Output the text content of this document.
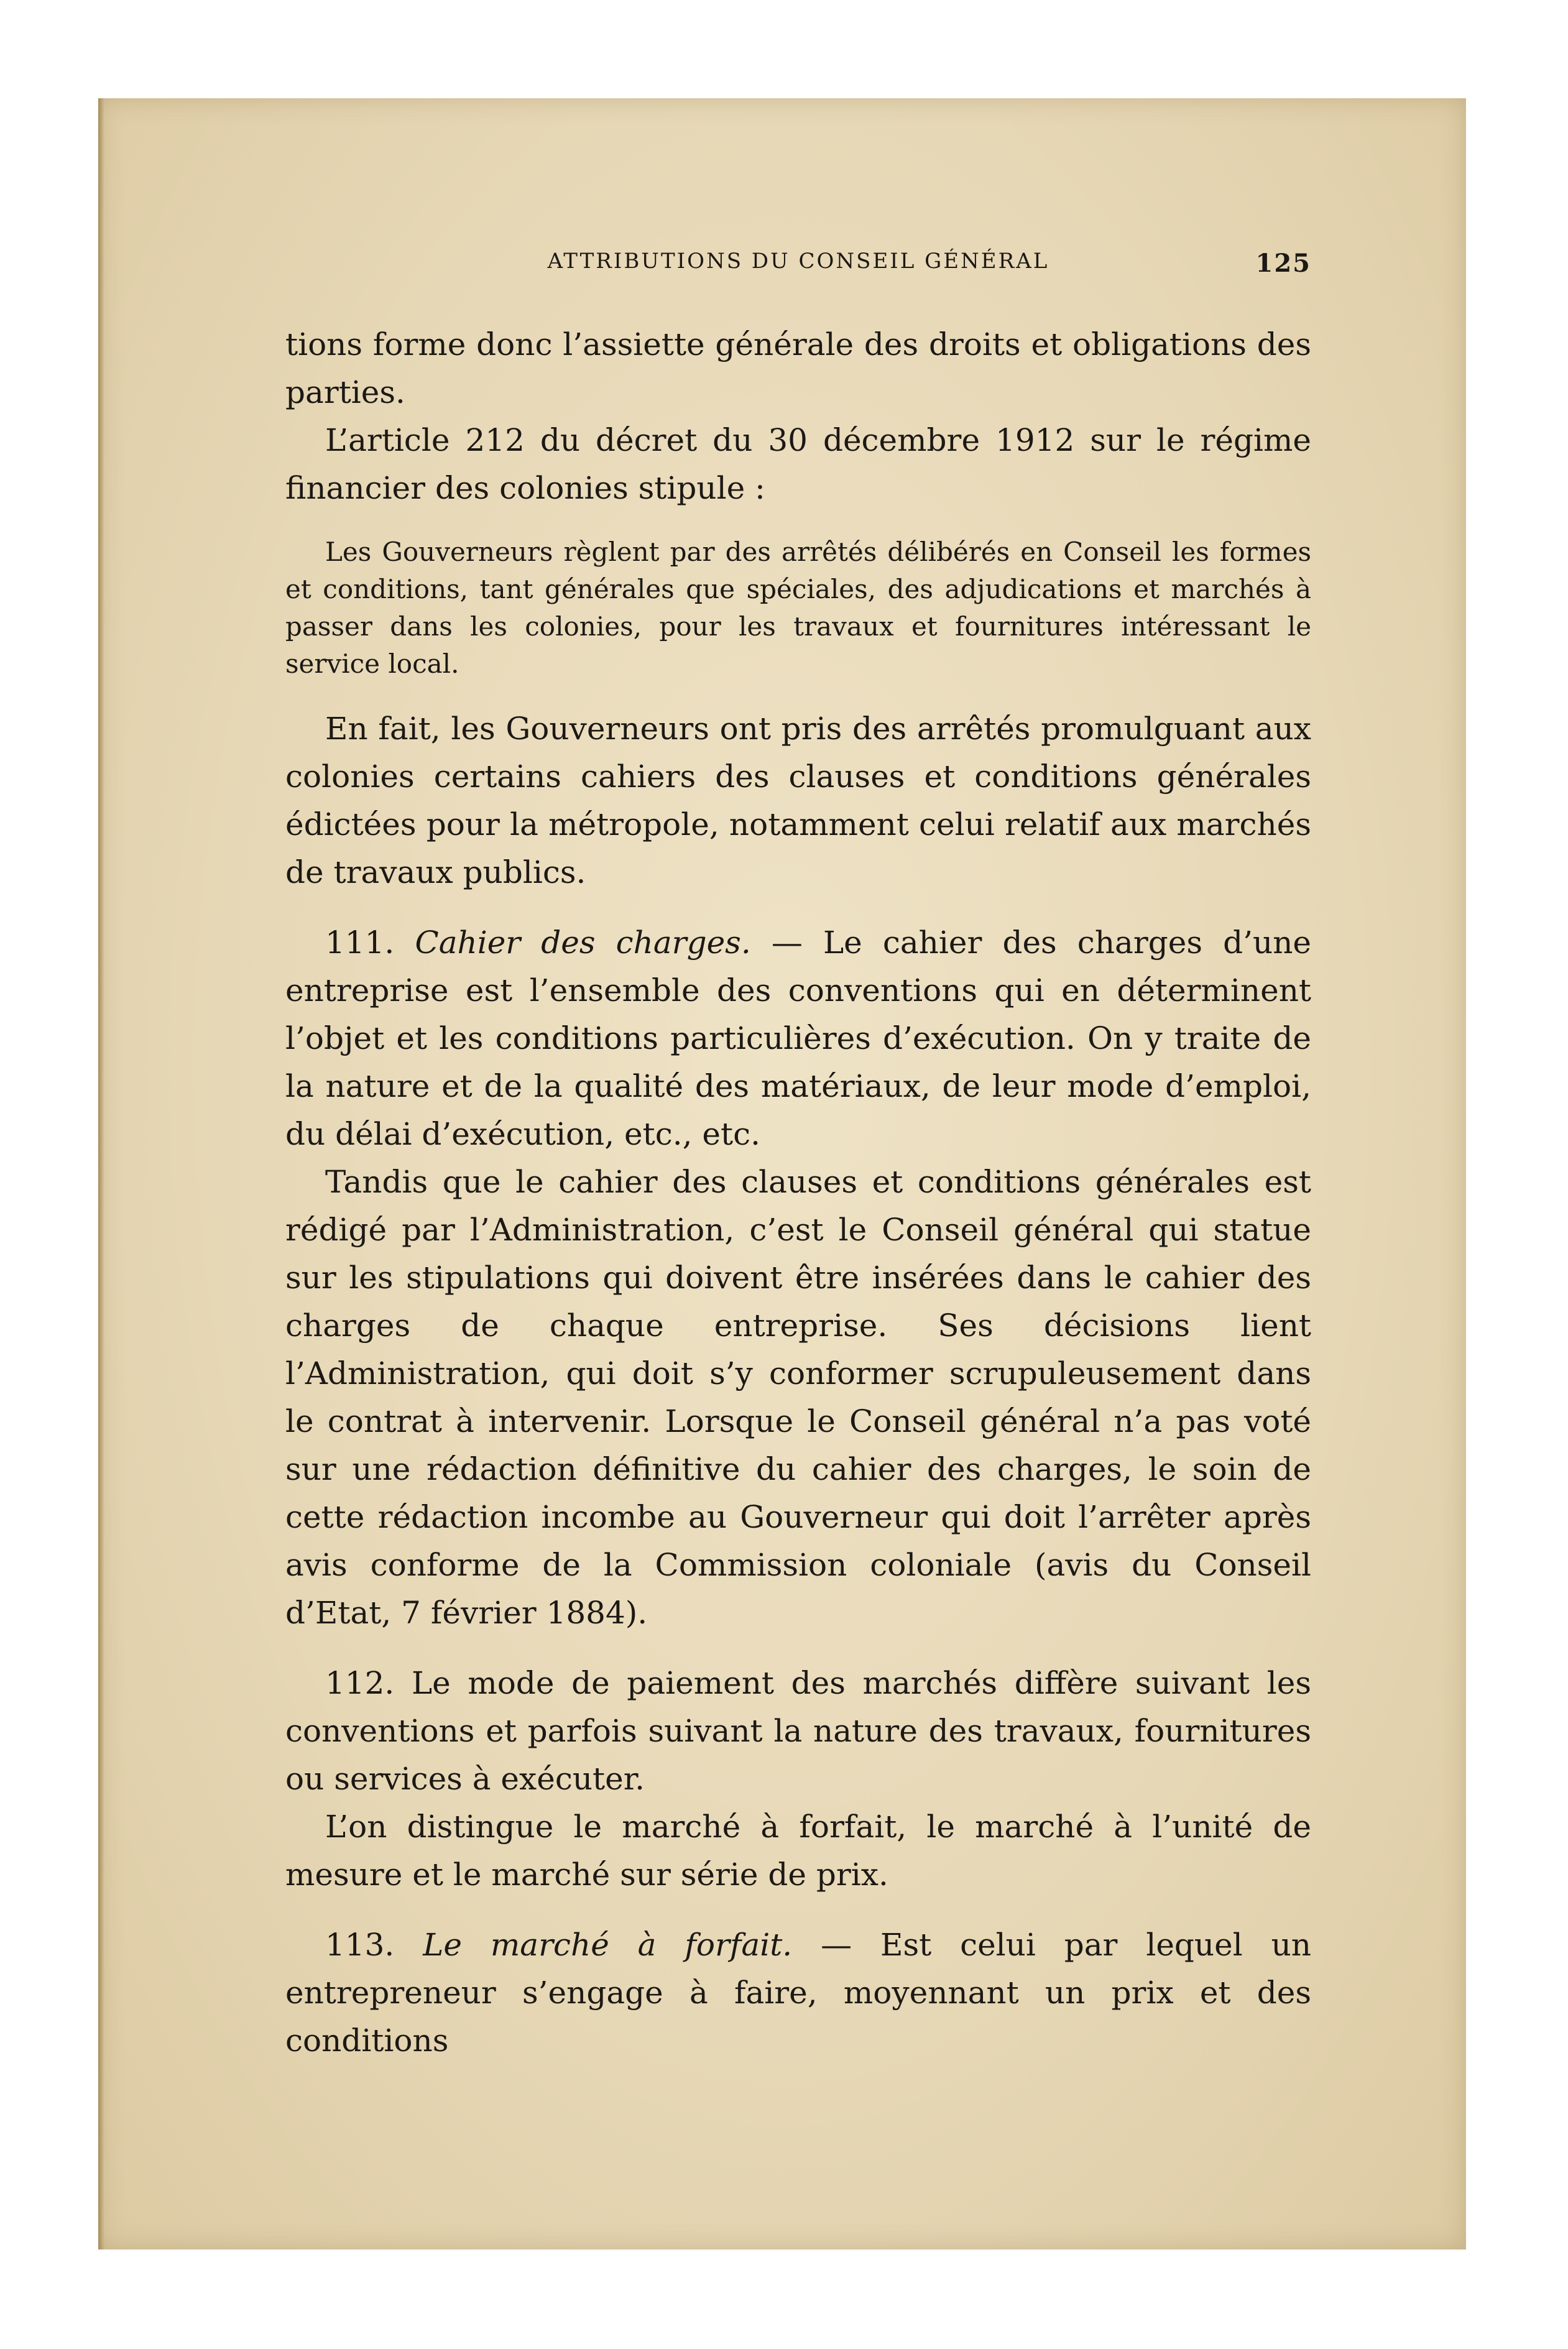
ATTRIBUTIONS DU CONSEIL GÉNÉRAL	125

tions forme donc l’assiette générale des droits et obligations des parties.

L’article 212 du décret du 30 décembre 1912 sur le régime financier des colonies stipule :

Les Gouverneurs règlent par des arrêtés délibérés en Conseil les formes et conditions, tant générales que spéciales, des adjudications et marchés à passer dans les colonies, pour les travaux et fournitures intéressant le service local.

En fait, les Gouverneurs ont pris des arrêtés promulguant aux colonies certains cahiers des clauses et conditions générales édictées pour la métropole, notamment celui relatif aux marchés de travaux publics.

111. Cahier des charges. — Le cahier des charges d’une entreprise est l’ensemble des conventions qui en déterminent l’objet et les conditions particulières d’exécution. On y traite de la nature et de la qualité des matériaux, de leur mode d’emploi, du délai d’exécution, etc., etc.

Tandis que le cahier des clauses et conditions générales est rédigé par l’Administration, c’est le Conseil général qui statue sur les stipulations qui doivent être insérées dans le cahier des charges de chaque entreprise. Ses décisions lient l’Administration, qui doit s’y conformer scrupuleusement dans le contrat à intervenir. Lorsque le Conseil général n’a pas voté sur une rédaction définitive du cahier des charges, le soin de cette rédaction incombe au Gouverneur qui doit l’arrêter après avis conforme de la Commission coloniale (avis du Conseil d’Etat, 7 février 1884).

112. Le mode de paiement des marchés diffère suivant les conventions et parfois suivant la nature des travaux, fournitures ou services à exécuter.

L’on distingue le marché à forfait, le marché à l’unité de mesure et le marché sur série de prix.

113. Le marché à forfait. — Est celui par lequel un entrepreneur s’engage à faire, moyennant un prix et des conditions
